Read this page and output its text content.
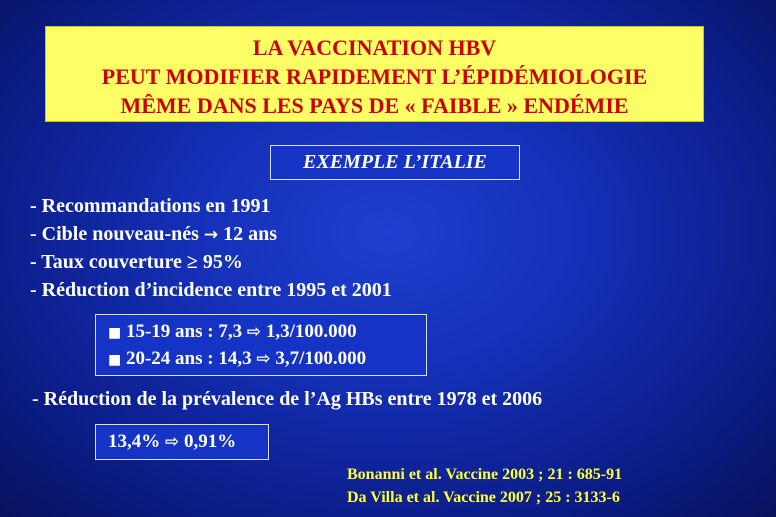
LA VACCINATION HBV
PEUT MODIFIER RAPIDEMENT L’ÉPIDÉMIOLOGIE
MÊME DANS LES PAYS DE « FAIBLE » ENDÉMIE
EXEMPLE L’ITALIE
- Recommandations en 1991
- Cible nouveau-nés → 12 ans
- Taux couverture ≥ 95%
- Réduction d’incidence entre 1995 et 2001
■ 15-19 ans : 7,3 ⇨ 1,3/100.000
■ 20-24 ans : 14,3 ⇨ 3,7/100.000
- Réduction de la prévalence de l’Ag HBs entre 1978 et 2006
13,4% ⇨ 0,91%
Bonanni et al. Vaccine 2003 ; 21 : 685-91
Da Villa et al. Vaccine 2007 ; 25 : 3133-6
